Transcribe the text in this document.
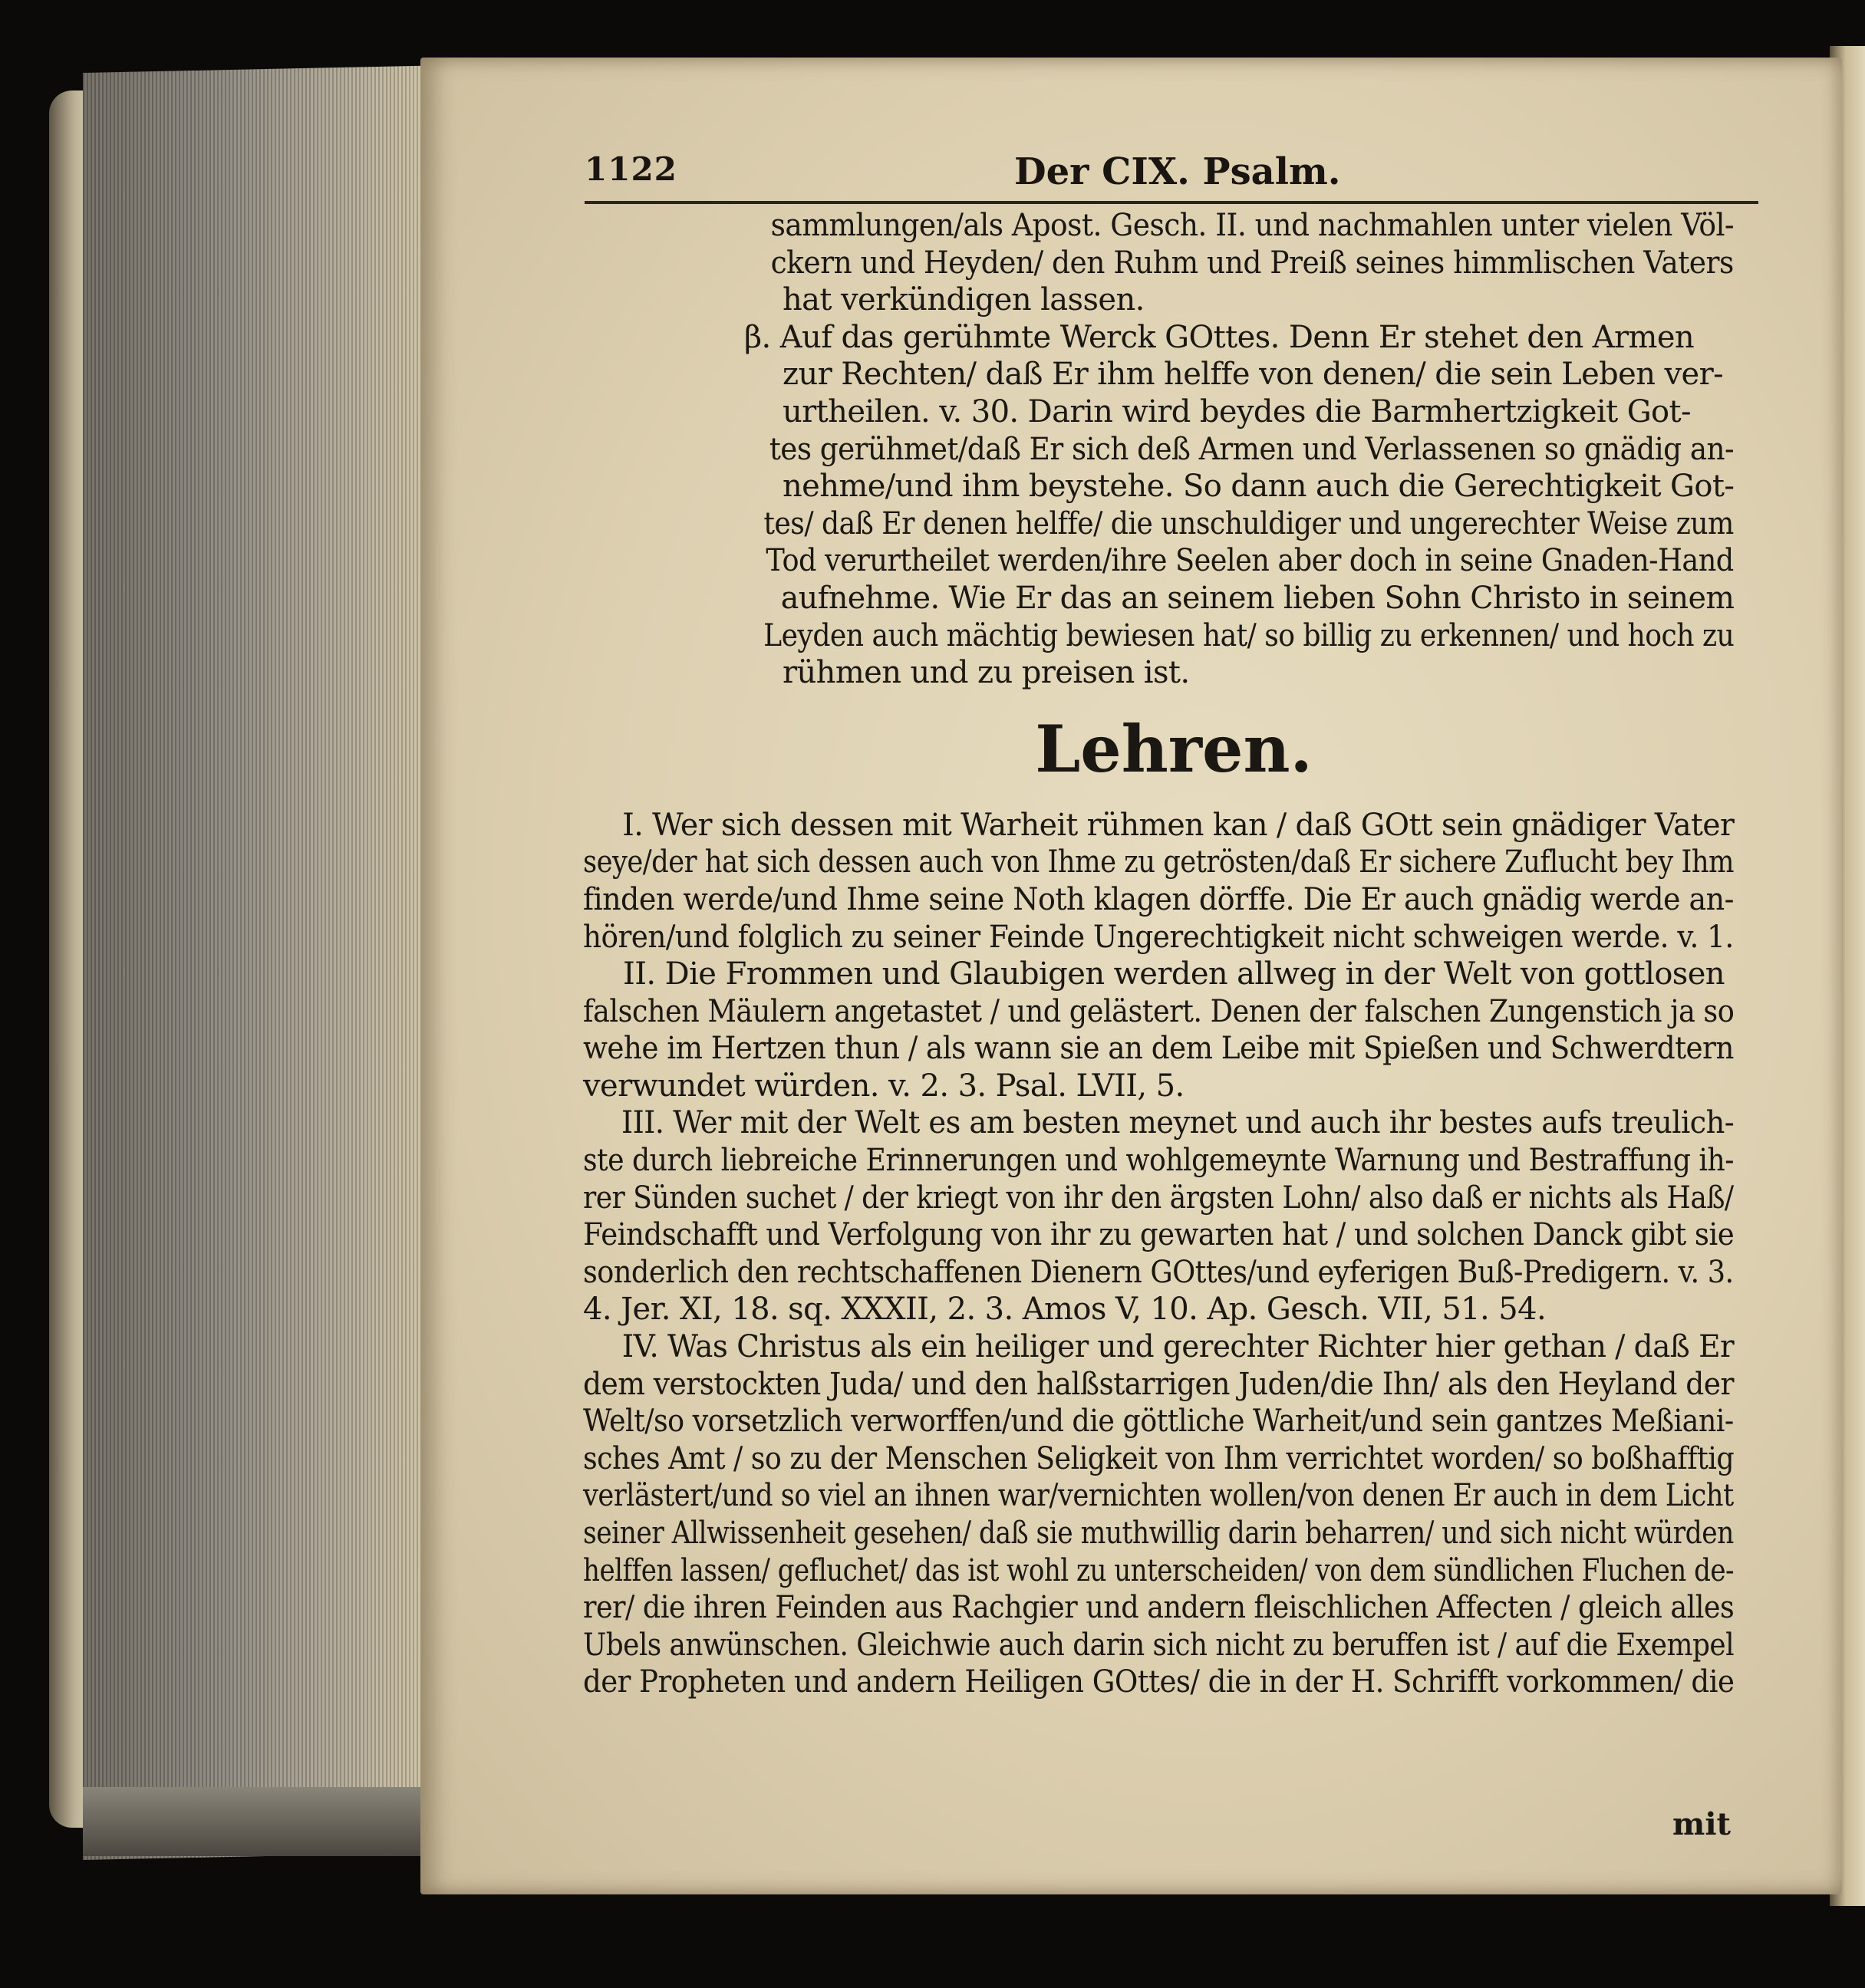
1122	Der CIX. Psalm.
sammlungen/als Apost. Gesch. II. und nachmahlen unter vielen Völ-
ckern und Heyden/ den Ruhm und Preiß seines himmlischen Vaters
hat verkündigen lassen.
β. Auf das gerühmte Werck GOttes. Denn Er stehet den Armen
zur Rechten/ daß Er ihm helffe von denen/ die sein Leben ver-
urtheilen. v. 30. Darin wird beydes die Barmhertzigkeit Got-
tes gerühmet/daß Er sich deß Armen und Verlassenen so gnädig an-
nehme/und ihm beystehe. So dann auch die Gerechtigkeit Got-
tes/ daß Er denen helffe/ die unschuldiger und ungerechter Weise zum
Tod verurtheilet werden/ihre Seelen aber doch in seine Gnaden-Hand
aufnehme. Wie Er das an seinem lieben Sohn Christo in seinem
Leyden auch mächtig bewiesen hat/ so billig zu erkennen/ und hoch zu
rühmen und zu preisen ist.
Lehren.
I. Wer sich dessen mit Warheit rühmen kan / daß GOtt sein gnädiger Vater
seye/der hat sich dessen auch von Ihme zu getrösten/daß Er sichere Zuflucht bey Ihm
finden werde/und Ihme seine Noth klagen dörffe. Die Er auch gnädig werde an-
hören/und folglich zu seiner Feinde Ungerechtigkeit nicht schweigen werde. v. 1.
II. Die Frommen und Glaubigen werden allweg in der Welt von gottlosen
falschen Mäulern angetastet / und gelästert. Denen der falschen Zungenstich ja so
wehe im Hertzen thun / als wann sie an dem Leibe mit Spießen und Schwerdtern
verwundet würden. v. 2. 3. Psal. LVII, 5.
III. Wer mit der Welt es am besten meynet und auch ihr bestes aufs treulich-
ste durch liebreiche Erinnerungen und wohlgemeynte Warnung und Bestraffung ih-
rer Sünden suchet / der kriegt von ihr den ärgsten Lohn/ also daß er nichts als Haß/
Feindschafft und Verfolgung von ihr zu gewarten hat / und solchen Danck gibt sie
sonderlich den rechtschaffenen Dienern GOttes/und eyferigen Buß-Predigern. v. 3.
4. Jer. XI, 18. sq. XXXII, 2. 3. Amos V, 10. Ap. Gesch. VII, 51. 54.
IV. Was Christus als ein heiliger und gerechter Richter hier gethan / daß Er
dem verstockten Juda/ und den halßstarrigen Juden/die Ihn/ als den Heyland der
Welt/so vorsetzlich verworffen/und die göttliche Warheit/und sein gantzes Meßiani-
sches Amt / so zu der Menschen Seligkeit von Ihm verrichtet worden/ so boßhafftig
verlästert/und so viel an ihnen war/vernichten wollen/von denen Er auch in dem Licht
seiner Allwissenheit gesehen/ daß sie muthwillig darin beharren/ und sich nicht würden
helffen lassen/ gefluchet/ das ist wohl zu unterscheiden/ von dem sündlichen Fluchen de-
rer/ die ihren Feinden aus Rachgier und andern fleischlichen Affecten / gleich alles
Ubels anwünschen. Gleichwie auch darin sich nicht zu beruffen ist / auf die Exempel
der Propheten und andern Heiligen GOttes/ die in der H. Schrifft vorkommen/ die
mit
